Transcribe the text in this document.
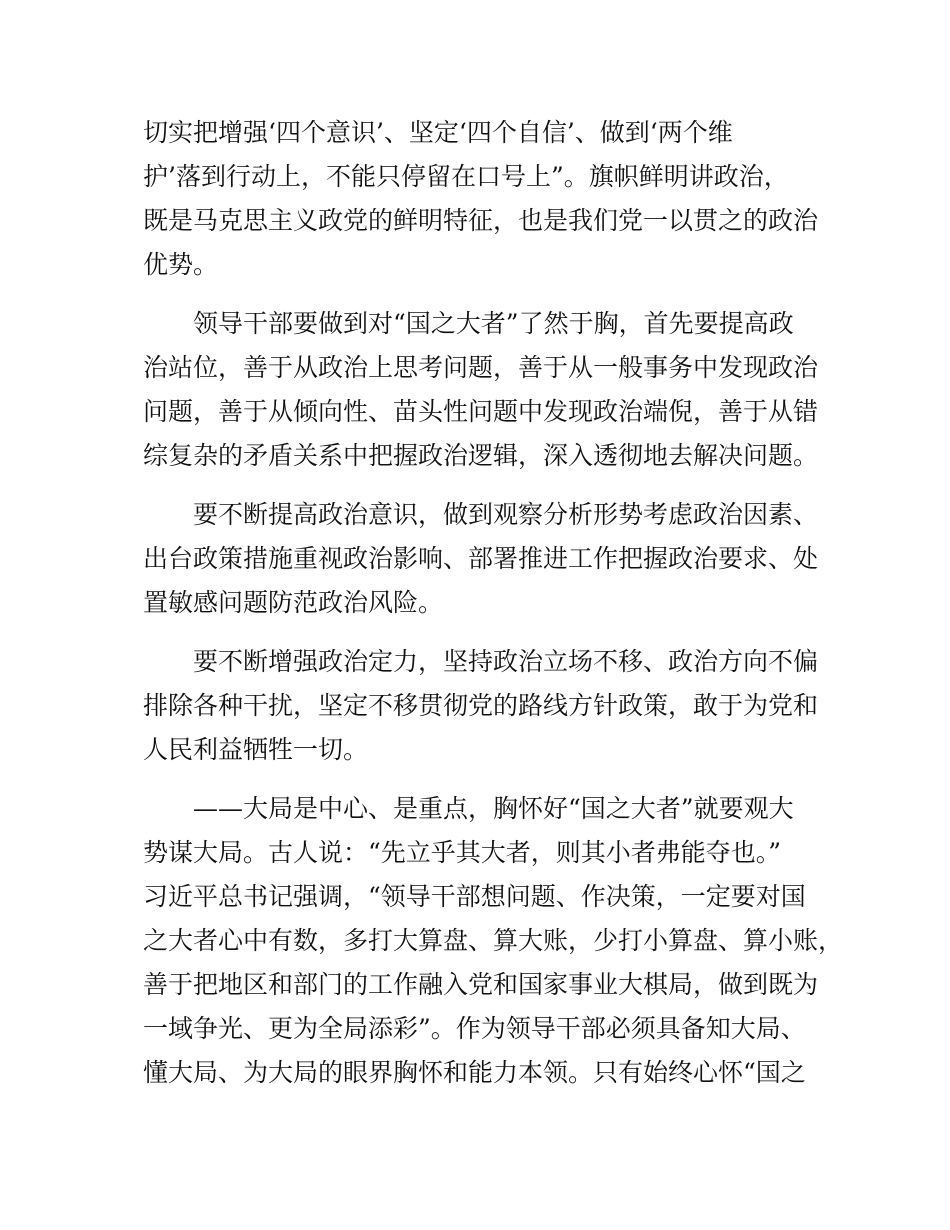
切实把增强‘四个意识’、坚定‘四个自信’、做到‘两个维
护’落到行动上，不能只停留在口号上”。旗帜鲜明讲政治，
既是马克思主义政党的鲜明特征，也是我们党一以贯之的政治
优势。
领导干部要做到对“国之大者”了然于胸，首先要提高政
治站位，善于从政治上思考问题，善于从一般事务中发现政治
问题，善于从倾向性、苗头性问题中发现政治端倪，善于从错
综复杂的矛盾关系中把握政治逻辑，深入透彻地去解决问题。
要不断提高政治意识，做到观察分析形势考虑政治因素、
出台政策措施重视政治影响、部署推进工作把握政治要求、处
置敏感问题防范政治风险。
要不断增强政治定力，坚持政治立场不移、政治方向不偏
排除各种干扰，坚定不移贯彻党的路线方针政策，敢于为党和
人民利益牺牲一切。
——大局是中心、是重点，胸怀好“国之大者”就要观大
势谋大局。古人说：“先立乎其大者，则其小者弗能夺也。”
习近平总书记强调，“领导干部想问题、作决策，一定要对国
之大者心中有数，多打大算盘、算大账，少打小算盘、算小账，
善于把地区和部门的工作融入党和国家事业大棋局，做到既为
一域争光、更为全局添彩”。作为领导干部必须具备知大局、
懂大局、为大局的眼界胸怀和能力本领。只有始终心怀“国之
